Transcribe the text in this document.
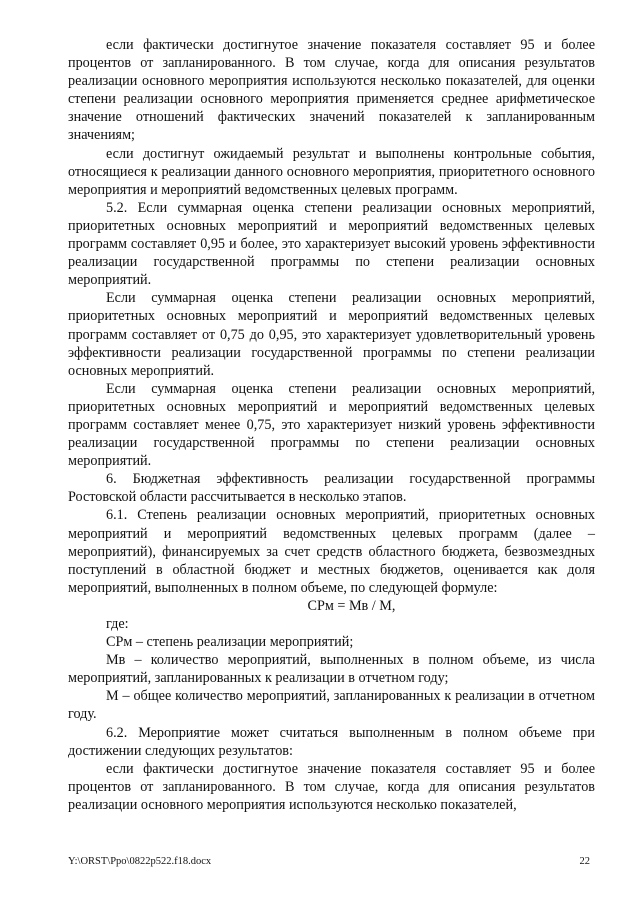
если фактически достигнутое значение показателя составляет 95 и более процентов от запланированного. В том случае, когда для описания результатов реализации основного мероприятия используются несколько показателей, для оценки степени реализации основного мероприятия применяется среднее арифметическое значение отношений фактических значений показателей к запланированным значениям;

если достигнут ожидаемый результат и выполнены контрольные события, относящиеся к реализации данного основного мероприятия, приоритетного основного мероприятия и мероприятий ведомственных целевых программ.

5.2. Если суммарная оценка степени реализации основных мероприятий, приоритетных основных мероприятий и мероприятий ведомственных целевых программ составляет 0,95 и более, это характеризует высокий уровень эффективности реализации государственной программы по степени реализации основных мероприятий.

Если суммарная оценка степени реализации основных мероприятий, приоритетных основных мероприятий и мероприятий ведомственных целевых программ составляет от 0,75 до 0,95, это характеризует удовлетворительный уровень эффективности реализации государственной программы по степени реализации основных мероприятий.

Если суммарная оценка степени реализации основных мероприятий, приоритетных основных мероприятий и мероприятий ведомственных целевых программ составляет менее 0,75, это характеризует низкий уровень эффективности реализации государственной программы по степени реализации основных мероприятий.

6. Бюджетная эффективность реализации государственной программы Ростовской области рассчитывается в несколько этапов.

6.1. Степень реализации основных мероприятий, приоритетных основных мероприятий и мероприятий ведомственных целевых программ (далее – мероприятий), финансируемых за счет средств областного бюджета, безвозмездных поступлений в областной бюджет и местных бюджетов, оценивается как доля мероприятий, выполненных в полном объеме, по следующей формуле:

СРм = Мв / М,

где:

СРм – степень реализации мероприятий;

Мв – количество мероприятий, выполненных в полном объеме, из числа мероприятий, запланированных к реализации в отчетном году;

М – общее количество мероприятий, запланированных к реализации в отчетном году.

6.2. Мероприятие может считаться выполненным в полном объеме при достижении следующих результатов:

если фактически достигнутое значение показателя составляет 95 и более процентов от запланированного. В том случае, когда для описания результатов реализации основного мероприятия используются несколько показателей,

Y:\ORST\Ppo\0822p522.f18.docx	22
